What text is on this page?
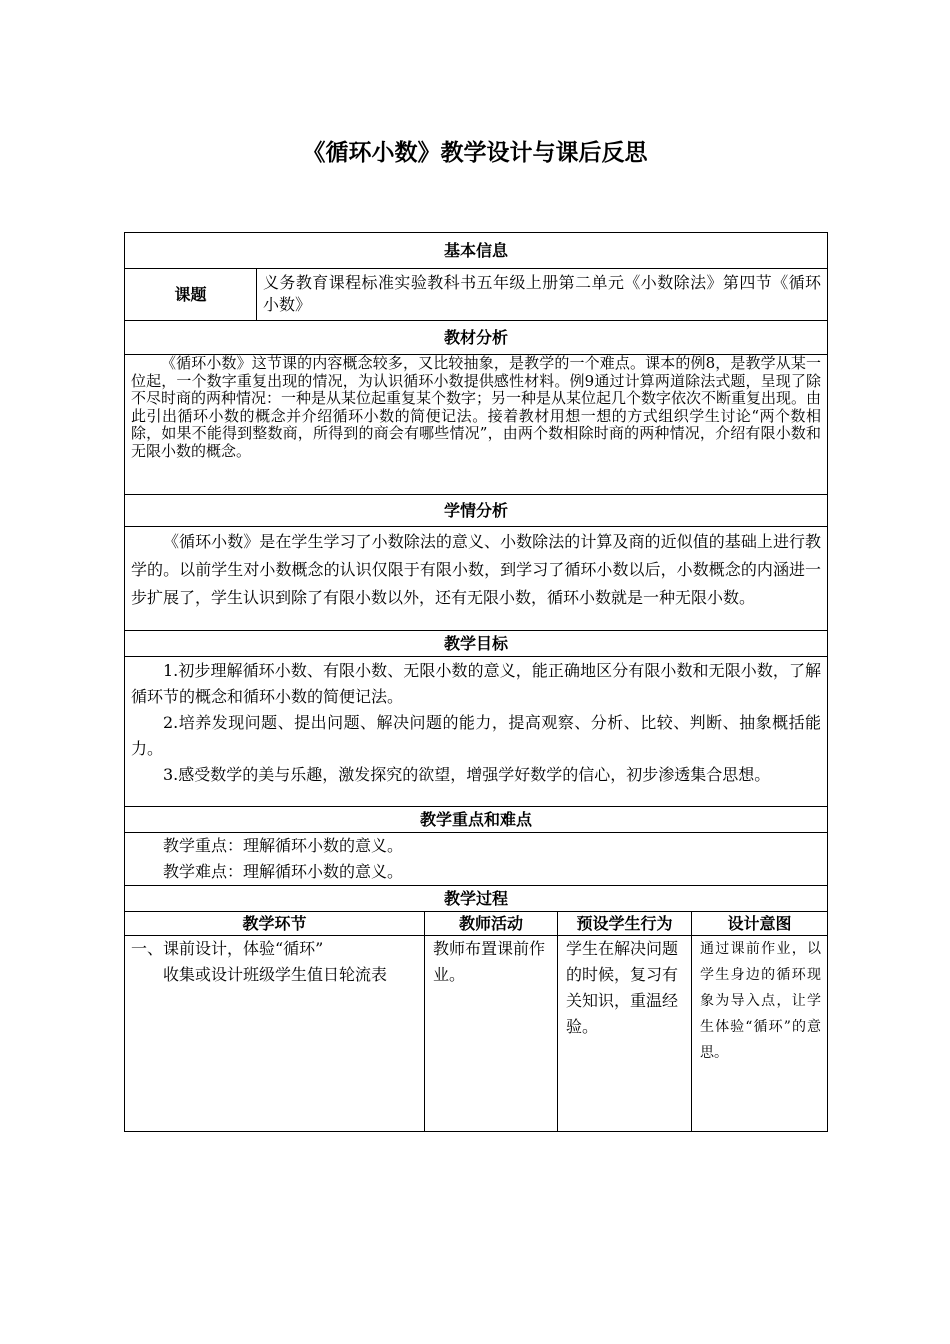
《循环小数》教学设计与课后反思
基本信息				
课题	义务教育课程标准实验教科书五年级上册第二单元《小数除法》第四节《循环小数》			
教材分析				

《循环小数》这节课的内容概念较多，又比较抽象，是教学的一个难点。课本的例8，是教学从某一位起，一个数字重复出现的情况，为认识循环小数提供感性材料。例9通过计算两道除法式题，呈现了除不尽时商的两种情况：一种是从某位起重复某个数字；另一种是从某位起几个数字依次不断重复出现。由此引出循环小数的概念并介绍循环小数的简便记法。接着教材用想一想的方式组织学生讨论“两个数相除，如果不能得到整数商，所得到的商会有哪些情况”，由两个数相除时商的两种情况，介绍有限小数和无限小数的概念。				

学情分析				

《循环小数》是在学生学习了小数除法的意义、小数除法的计算及商的近似值的基础上进行教学的。以前学生对小数概念的认识仅限于有限小数，到学习了循环小数以后，小数概念的内涵进一步扩展了，学生认识到除了有限小数以外，还有无限小数，循环小数就是一种无限小数。				

教学目标				

1.初步理解循环小数、有限小数、无限小数的意义，能正确地区分有限小数和无限小数，了解循环节的概念和循环小数的简便记法。

2.培养发现问题、提出问题、解决问题的能力，提高观察、分析、比较、判断、抽象概括能力。

3.感受数学的美与乐趣，激发探究的欲望，增强学好数学的信心，初步渗透集合思想。				

教学重点和难点				

教学重点：理解循环小数的意义。

教学难点：理解循环小数的意义。				

教学过程				
教学环节		教师活动	预设学生行为	设计意图

一、课前设计，体验“循环”
收集或设计班级学生值日轮流表		教师布置课前作业。	学生在解决问题的时候，复习有关知识，重温经验。	通过课前作业，以学生身边的循环现象为导入点，让学生体验“循环”的意思。
